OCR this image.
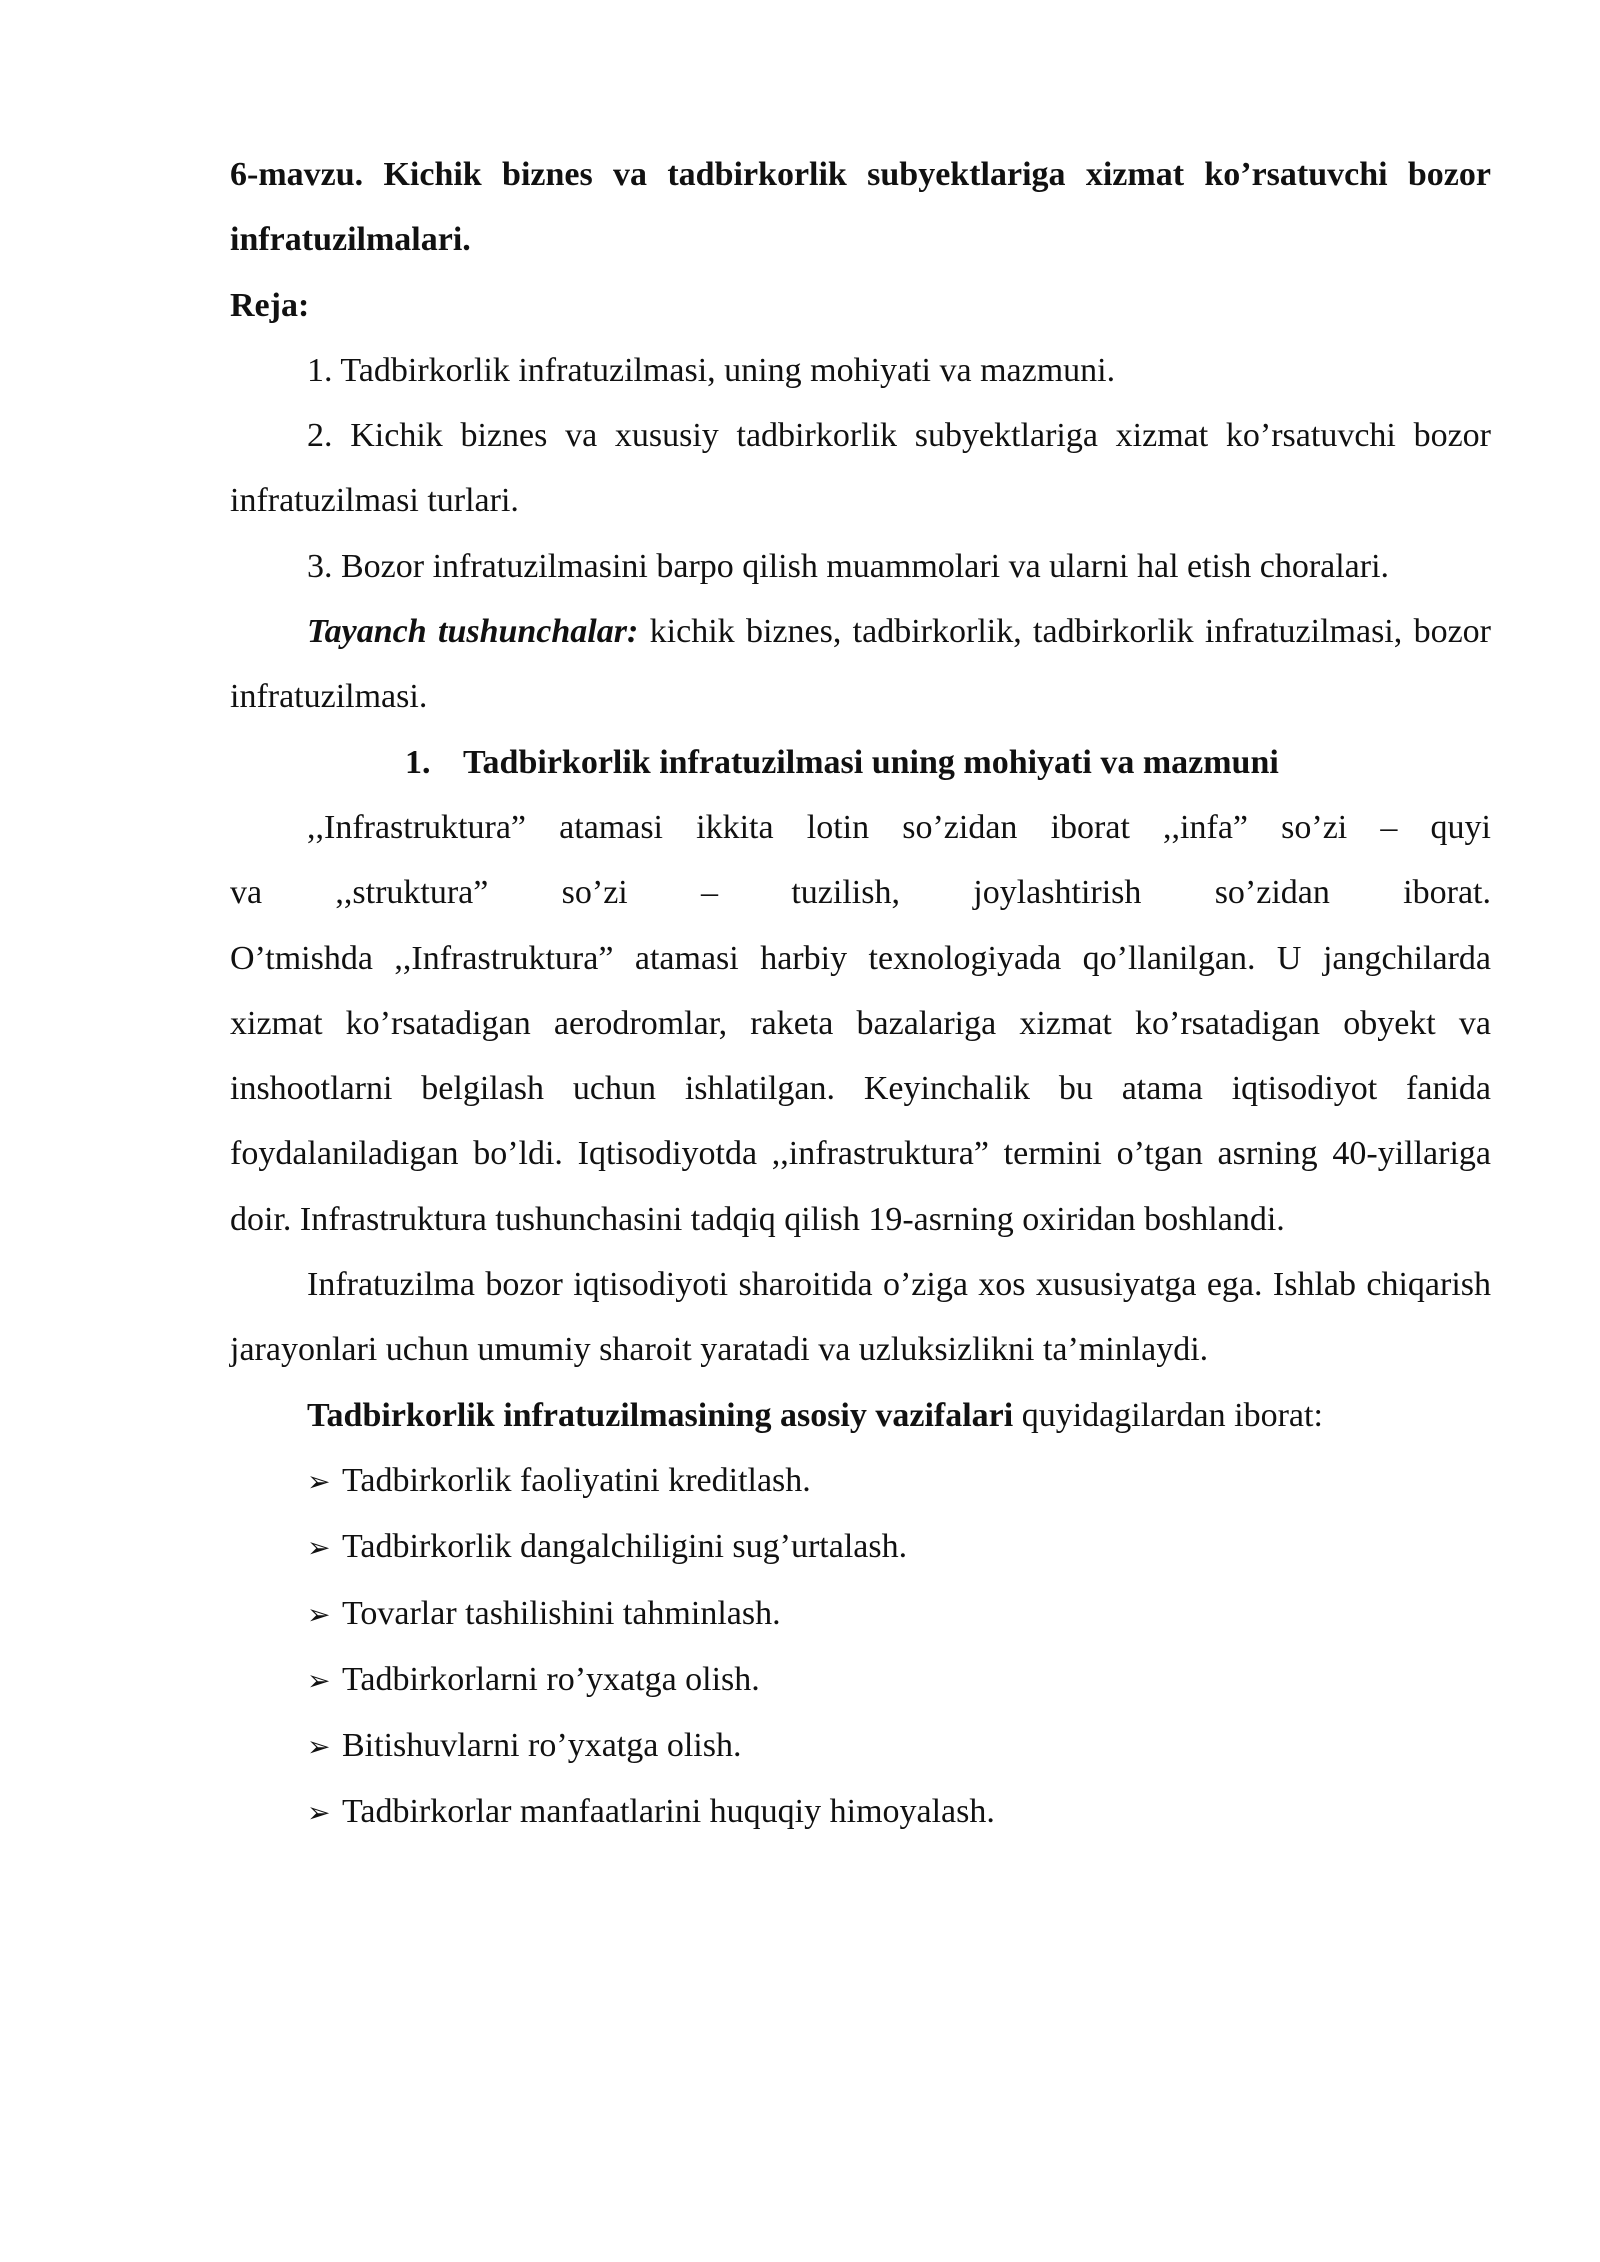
6-mavzu. Kichik biznes va tadbirkorlik subyektlariga xizmat ko’rsatuvchi bozor infratuzilmalari.

Reja:

1. Tadbirkorlik infratuzilmasi, uning mohiyati va mazmuni.

2. Kichik biznes va xususiy tadbirkorlik subyektlariga xizmat ko’rsatuvchi bozor infratuzilmasi turlari.

3. Bozor infratuzilmasini barpo qilish muammolari va ularni hal etish choralari.

Tayanch tushunchalar: kichik biznes, tadbirkorlik, tadbirkorlik infratuzilmasi, bozor infratuzilmasi.

1. Tadbirkorlik infratuzilmasi uning mohiyati va mazmuni

,,Infrastruktura” atamasi ikkita lotin so’zidan iborat ,,infa” so’zi – quyi

va ,,struktura” so’zi – tuzilish, joylashtirish so’zidan iborat.

O’tmishda ,,Infrastruktura” atamasi harbiy texnologiyada qo’llanilgan. U jangchilarda xizmat ko’rsatadigan aerodromlar, raketa bazalariga xizmat ko’rsatadigan obyekt va inshootlarni belgilash uchun ishlatilgan. Keyinchalik bu atama iqtisodiyot fanida foydalaniladigan bo’ldi. Iqtisodiyotda ,,infrastruktura” termini o’tgan asrning 40-yillariga doir. Infrastruktura tushunchasini tadqiq qilish 19-asrning oxiridan boshlandi.

Infratuzilma bozor iqtisodiyoti sharoitida o’ziga xos xususiyatga ega. Ishlab chiqarish jarayonlari uchun umumiy sharoit yaratadi va uzluksizlikni ta’minlaydi.

Tadbirkorlik infratuzilmasining asosiy vazifalari quyidagilardan iborat:

➢ Tadbirkorlik faoliyatini kreditlash.
➢ Tadbirkorlik dangalchiligini sug’urtalash.
➢ Tovarlar tashilishini tahminlash.
➢ Tadbirkorlarni ro’yxatga olish.
➢ Bitishuvlarni ro’yxatga olish.
➢ Tadbirkorlar manfaatlarini huquqiy himoyalash.
